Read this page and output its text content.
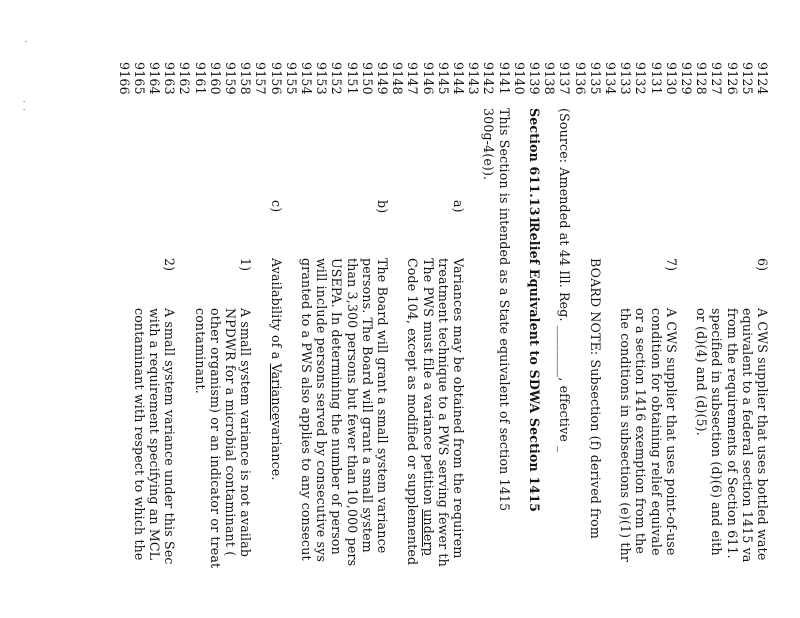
9124
6)
A CWS supplier that uses bottled wate
9125
equivalent to a federal section 1415 va
9126
from the requirements of Section 611.
9127
specified in subsection (d)(6) and eith
9128
or (d)(4) and (d)(5).
9129
9130
7)
A CWS supplier that uses point-of-use
9131
condition for obtaining relief equivale
9132
or a section 1416 exemption from the
9133
the conditions in subsections (e)(1) thr
9134
9135
BOARD NOTE: Subsection (f) derived from
9136
9137
(Source: Amended at 44 Ill. Reg. ________, effective _
9138
9139
Section 611.131
Relief Equivalent to SDWA Section 1415
9140
9141
This Section is intended as a State equivalent of section 1415
9142
300g-4(e)).
9143
9144
a)
Variances may be obtained from the requirem
9145
treatment technique to a PWS serving fewer th
9146
The PWS must file a variance petition underp
9147
Code 104, except as modified or supplemented
9148
9149
b)
The Board will grant a small system variance
9150
persons. The Board will grant a small system
9151
than 3,300 persons but fewer than 10,000 pers
9152
USEPA. In determining the number of person
9153
will include persons served by consecutive sys
9154
granted to a PWS also applies to any consecut
9155
9156
c)
Availability of a Variancevariance.
9157
9158
1)
A small system variance is not availab
9159
NPDWR for a microbial contaminant (
9160
other organism) or an indicator or treat
9161
contaminant.
9162
9163
2)
A small system variance under this Sec
9164
with a requirement specifying an MCL
9165
contaminant with respect to which the
9166
·
·
·
